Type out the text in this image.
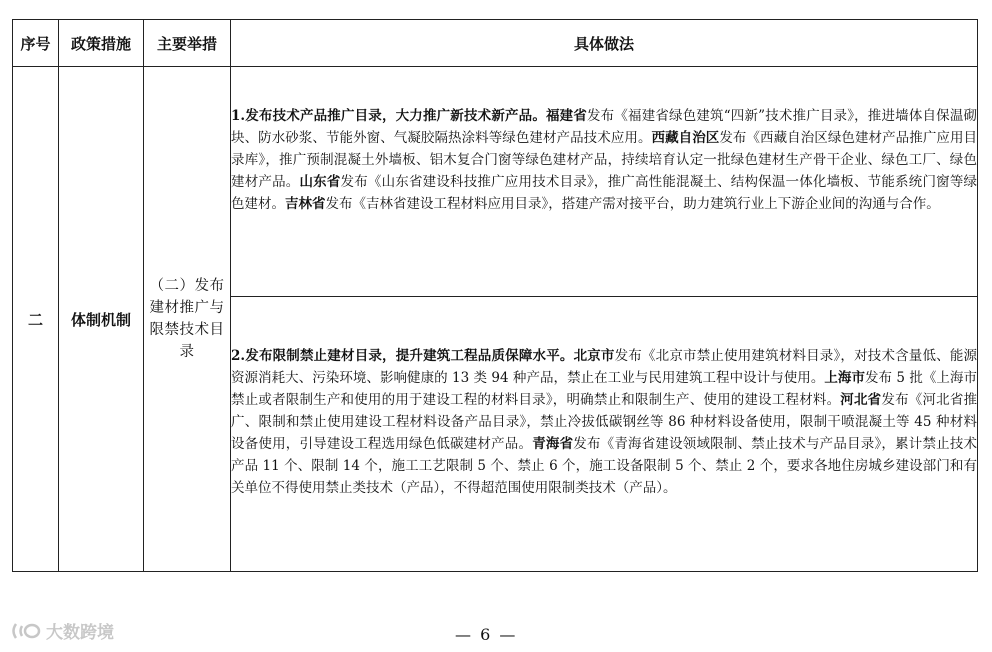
序号	政策措施	主要举措	具体做法
二	体制机制	（二）发布建材推广与限禁技术目录	1.发布技术产品推广目录，大力推广新技术新产品。福建省发布《福建省绿色建筑“四新”技术推广目录》，推进墙体自保温砌块、防水砂浆、节能外窗、气凝胶隔热涂料等绿色建材产品技术应用。西藏自治区发布《西藏自治区绿色建材产品推广应用目录库》，推广预制混凝土外墙板、铝木复合门窗等绿色建材产品，持续培育认定一批绿色建材生产骨干企业、绿色工厂、绿色建材产品。山东省发布《山东省建设科技推广应用技术目录》，推广高性能混凝土、结构保温一体化墙板、节能系统门窗等绿色建材。吉林省发布《吉林省建设工程材料应用目录》，搭建产需对接平台，助力建筑行业上下游企业间的沟通与合作。

			2.发布限制禁止建材目录，提升建筑工程品质保障水平。北京市发布《北京市禁止使用建筑材料目录》，对技术含量低、能源资源消耗大、污染环境、影响健康的 13 类 94 种产品，禁止在工业与民用建筑工程中设计与使用。上海市发布 5 批《上海市禁止或者限制生产和使用的用于建设工程的材料目录》，明确禁止和限制生产、使用的建设工程材料。河北省发布《河北省推广、限制和禁止使用建设工程材料设备产品目录》，禁止冷拔低碳钢丝等 86 种材料设备使用，限制干喷混凝土等 45 种材料设备使用，引导建设工程选用绿色低碳建材产品。青海省发布《青海省建设领域限制、禁止技术与产品目录》，累计禁止技术产品 11 个、限制 14 个，施工工艺限制 5 个、禁止 6 个，施工设备限制 5 个、禁止 2 个，要求各地住房城乡建设部门和有关单位不得使用禁止类技术（产品），不得超范围使用限制类技术（产品）。
大数跨境	— 6 —
